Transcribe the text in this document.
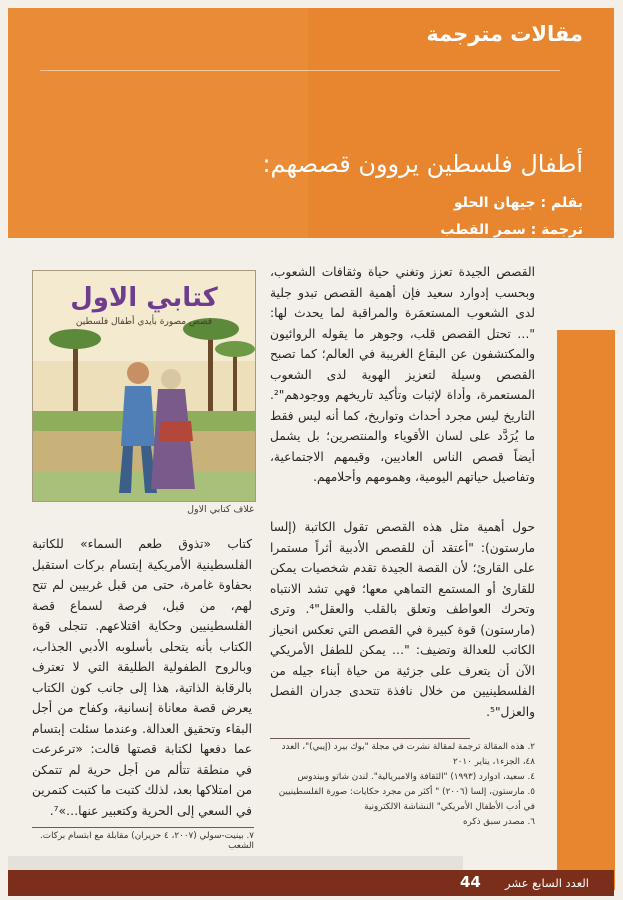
مقالات مترجمة
أطفال فلسطين يروون قصصهم:
بقلم : جيهان الحلو
ترجمة : سمر القطب
كتابي الاول
قصص مصورة بأيدي أطفال فلسطين
غلاف كتابي الاول
القصص الجيدة تعزز وتغني حياة وثقافات الشعوب، وبحسب إدوارد سعيد فإن أهمية القصص تبدو جلية لدى الشعوب المستعمَرة والمراقبة لما يحدث لها: "… تحتل القصص قلب، وجوهر ما يقوله الروائيون والمكتشفون عن البقاع الغريبة في العالم؛ كما تصبح القصص وسيلة لتعزيز الهوية لدى الشعوب المستعمرة، وأداة لإثبات وتأكيد تاريخهم ووجودهم"². التاريخ ليس مجرد أحداث وتواريخ، كما أنه ليس فقط ما يُرَدَّد على لسان الأقوياء والمنتصرين؛ بل يشمل أيضاً قصص الناس العاديين، وقيمهم الاجتماعية، وتفاصيل حياتهم اليومية، وهمومهم وأحلامهم.
حول أهمية مثل هذه القصص تقول الكاتبة (إلسا مارستون): "أعتقد أن للقصص الأدبية أثراً مستمرا على القارئ؛ لأن القصة الجيدة تقدم شخصيات يمكن للقارئ أو المستمع التماهي معها؛ فهي تشد الانتباه وتحرك العواطف وتعلق بالقلب والعقل"⁴. وترى (مارستون) قوة كبيرة في القصص التي تعكس انحياز الكاتب للعدالة وتضيف: "… يمكن للطفل الأمريكي الآن أن يتعرف على جزئية من حياة أبناء جيله من الفلسطينيين من خلال نافذة تتحدى جدران الفصل والعزل"⁵.
كتاب «تذوق طعم السماء» للكاتبة الفلسطينية الأمريكية إبتسام بركات استقبل بحفاوة غامرة، حتى من قبل غربيين لم تتح لهم، من قبل، فرصة لسماع قصة الفلسطينيين وحكاية اقتلاعهم. تتجلى قوة الكتاب بأنه يتحلى بأسلوبه الأدبي الجذاب، وبالروح الطفولية الطليقة التي لا تعترف بالرقابة الذاتية، هذا إلى جانب كون الكتاب يعرض قصة معاناة إنسانية، وكفاح من أجل البقاء وتحقيق العدالة. وعندما سئلت إبتسام عما دفعها لكتابة قصتها قالت: «ترعرعت في منطقة تتألم من أجل حرية لم تتمكن من امتلاكها بعد، لذلك كتبت ما كتبت كتمرين في السعي إلى الحرية وكتعبير عنها…»⁷.
٢. هذه المقالة ترجمة لمقالة نشرت في مجلة "بوك بيرد (إيبي)"، العدد ٤٨، الجزء١، يناير ٢٠١٠
٤. سعيد، ادوارد (١٩٩٣) "الثقافة والامبريالية". لندن شاتو وبيندوس
٥. مارستون، إلسا (٢٠٠٦) " أكثر من مجرد حكايات: صورة الفلسطينيين في أدب الأطفال الأمريكي" النشاشة الالكترونية
٦. مصدر سبق ذكره
٧. بينيت-سولي (٢٠٠٧، ٤ حزيران) مقابلة مع ابتسام بركات. الشعب
44 العدد السابع عشر
